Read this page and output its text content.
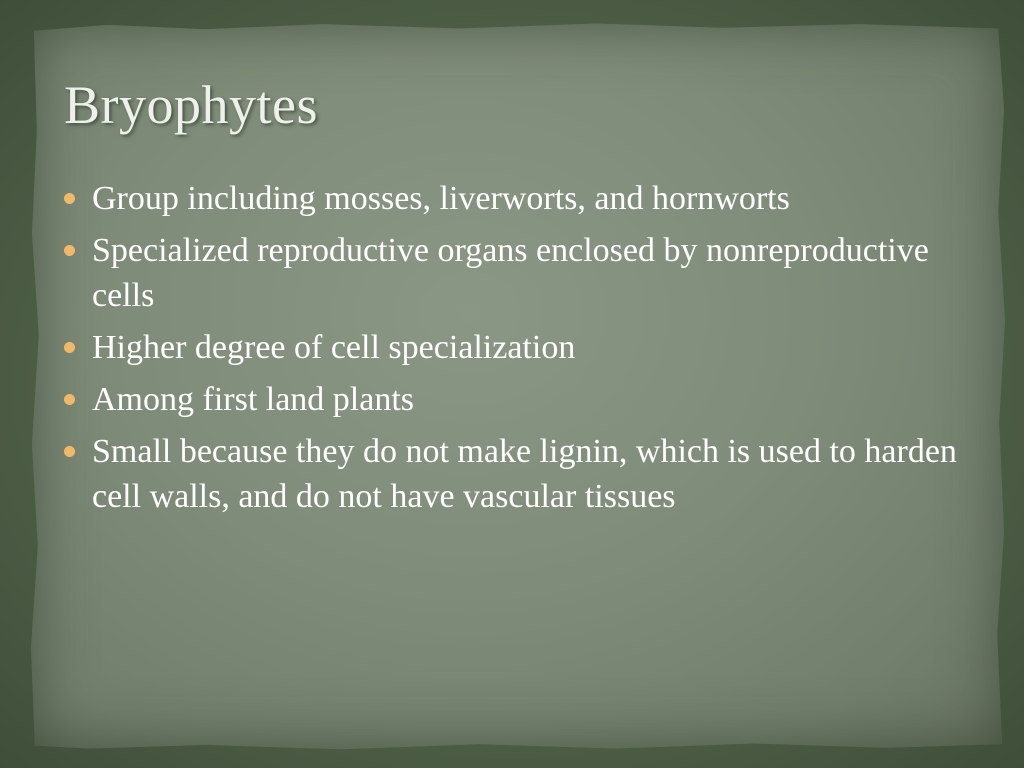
Bryophytes
Group including mosses, liverworts, and hornworts
Specialized reproductive organs enclosed by nonreproductive cells
Higher degree of cell specialization
Among first land plants
Small because they do not make lignin, which is used to harden cell walls, and do not have vascular tissues
